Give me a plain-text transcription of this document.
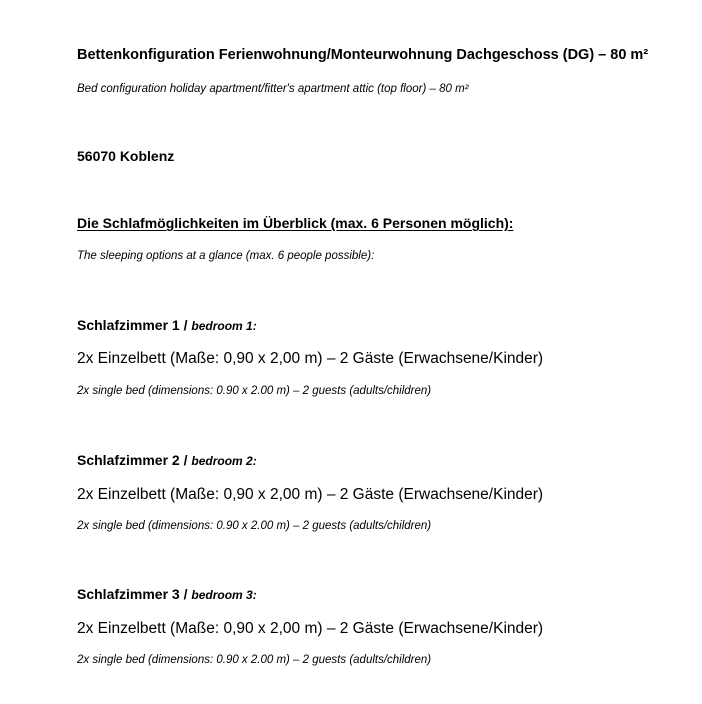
Bettenkonfiguration Ferienwohnung/Monteurwohnung Dachgeschoss (DG) – 80 m²
Bed configuration holiday apartment/fitter's apartment attic (top floor) – 80 m²
56070 Koblenz
Die Schlafmöglichkeiten im Überblick (max. 6 Personen möglich):
The sleeping options at a glance (max. 6 people possible):
Schlafzimmer 1 / bedroom 1:
2x Einzelbett (Maße: 0,90 x 2,00 m) – 2 Gäste (Erwachsene/Kinder)
2x single bed (dimensions: 0.90 x 2.00 m) – 2 guests (adults/children)
Schlafzimmer 2 / bedroom 2:
2x Einzelbett (Maße: 0,90 x 2,00 m) – 2 Gäste (Erwachsene/Kinder)
2x single bed (dimensions: 0.90 x 2.00 m) – 2 guests (adults/children)
Schlafzimmer 3 / bedroom 3:
2x Einzelbett (Maße: 0,90 x 2,00 m) – 2 Gäste (Erwachsene/Kinder)
2x single bed (dimensions: 0.90 x 2.00 m) – 2 guests (adults/children)
